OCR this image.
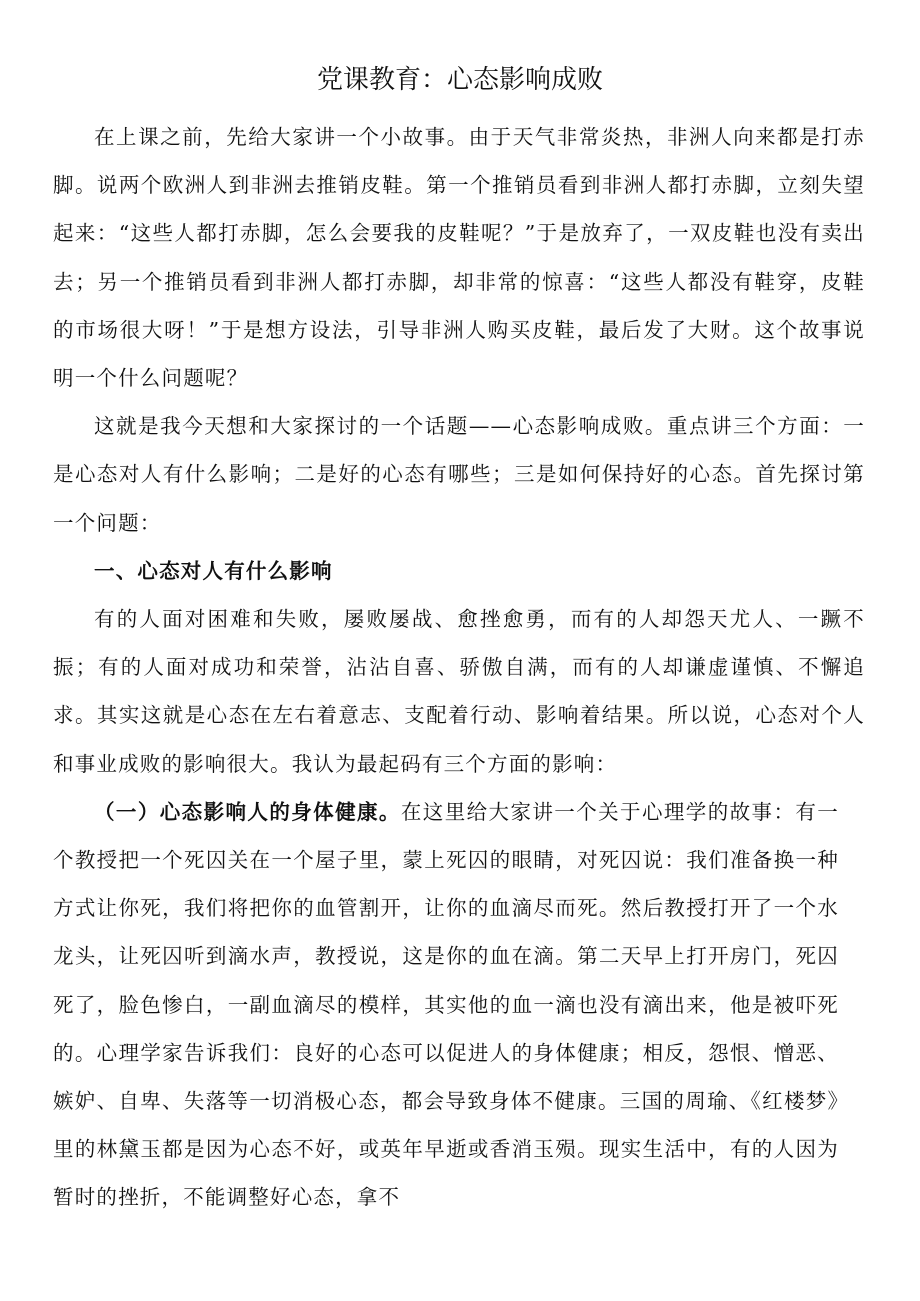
党课教育：心态影响成败

在上课之前，先给大家讲一个小故事。由于天气非常炎热，非洲人向来都是打赤脚。说两个欧洲人到非洲去推销皮鞋。第一个推销员看到非洲人都打赤脚，立刻失望起来：“这些人都打赤脚，怎么会要我的皮鞋呢？”于是放弃了，一双皮鞋也没有卖出去；另一个推销员看到非洲人都打赤脚，却非常的惊喜：“这些人都没有鞋穿，皮鞋的市场很大呀！”于是想方设法，引导非洲人购买皮鞋，最后发了大财。这个故事说明一个什么问题呢？

这就是我今天想和大家探讨的一个话题——心态影响成败。重点讲三个方面：一是心态对人有什么影响；二是好的心态有哪些；三是如何保持好的心态。首先探讨第一个问题：

一、心态对人有什么影响

有的人面对困难和失败，屡败屡战、愈挫愈勇，而有的人却怨天尤人、一蹶不振；有的人面对成功和荣誉，沾沾自喜、骄傲自满，而有的人却谦虚谨慎、不懈追求。其实这就是心态在左右着意志、支配着行动、影响着结果。所以说，心态对个人和事业成败的影响很大。我认为最起码有三个方面的影响：

（一）心态影响人的身体健康。在这里给大家讲一个关于心理学的故事：有一个教授把一个死囚关在一个屋子里，蒙上死囚的眼睛，对死囚说：我们准备换一种方式让你死，我们将把你的血管割开，让你的血滴尽而死。然后教授打开了一个水龙头，让死囚听到滴水声，教授说，这是你的血在滴。第二天早上打开房门，死囚死了，脸色惨白，一副血滴尽的模样，其实他的血一滴也没有滴出来，他是被吓死的。心理学家告诉我们：良好的心态可以促进人的身体健康；相反，怨恨、憎恶、嫉妒、自卑、失落等一切消极心态，都会导致身体不健康。三国的周瑜、《红楼梦》里的林黛玉都是因为心态不好，或英年早逝或香消玉殒。现实生活中，有的人因为暂时的挫折，不能调整好心态，拿不
